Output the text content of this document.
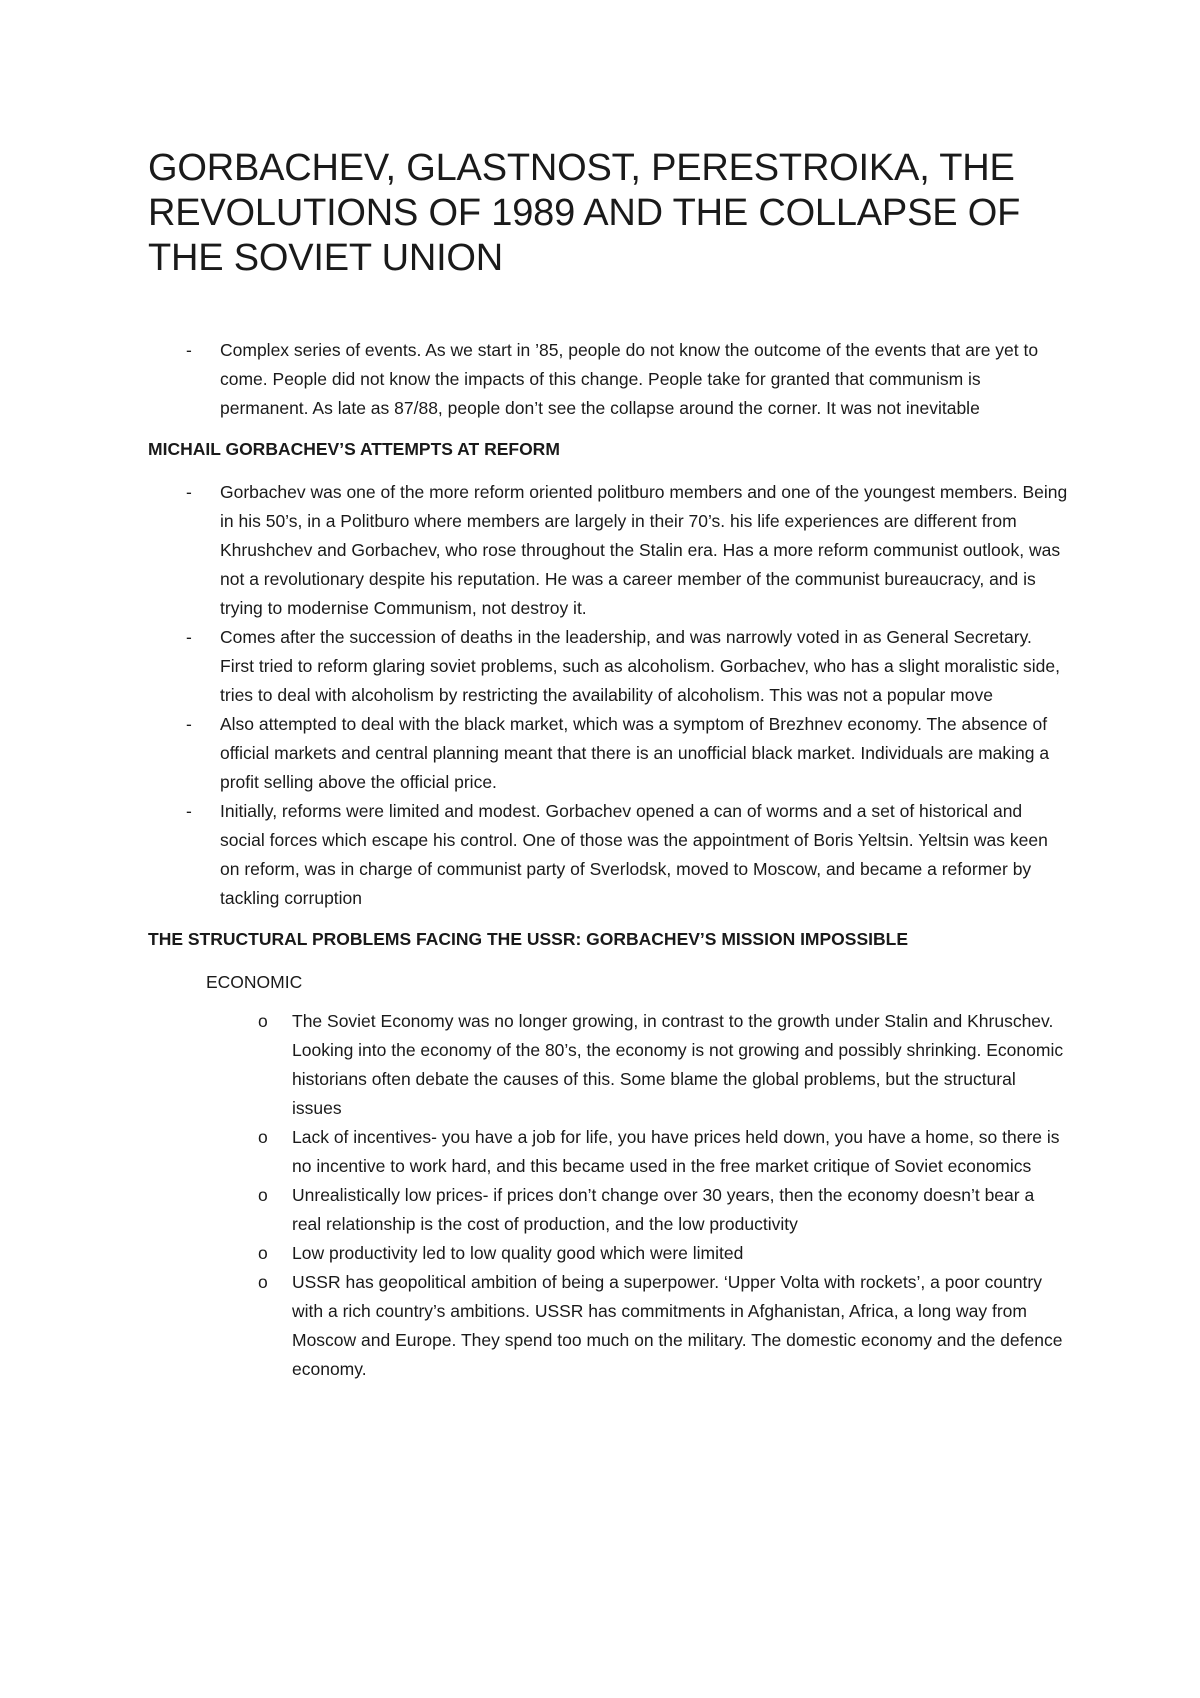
GORBACHEV, GLASTNOST, PERESTROIKA, THE REVOLUTIONS OF 1989 AND THE COLLAPSE OF THE SOVIET UNION
- Complex series of events. As we start in ’85, people do not know the outcome of the events that are yet to come. People did not know the impacts of this change. People take for granted that communism is permanent. As late as 87/88, people don’t see the collapse around the corner. It was not inevitable
MICHAIL GORBACHEV’S ATTEMPTS AT REFORM
- Gorbachev was one of the more reform oriented politburo members and one of the youngest members. Being in his 50’s, in a Politburo where members are largely in their 70’s. his life experiences are different from Khrushchev and Gorbachev, who rose throughout the Stalin era. Has a more reform communist outlook, was not a revolutionary despite his reputation. He was a career member of the communist bureaucracy, and is trying to modernise Communism, not destroy it.
- Comes after the succession of deaths in the leadership, and was narrowly voted in as General Secretary. First tried to reform glaring soviet problems, such as alcoholism. Gorbachev, who has a slight moralistic side, tries to deal with alcoholism by restricting the availability of alcoholism. This was not a popular move
- Also attempted to deal with the black market, which was a symptom of Brezhnev economy. The absence of official markets and central planning meant that there is an unofficial black market. Individuals are making a profit selling above the official price.
- Initially, reforms were limited and modest. Gorbachev opened a can of worms and a set of historical and social forces which escape his control. One of those was the appointment of Boris Yeltsin. Yeltsin was keen on reform, was in charge of communist party of Sverlodsk, moved to Moscow, and became a reformer by tackling corruption
THE STRUCTURAL PROBLEMS FACING THE USSR: GORBACHEV’S MISSION IMPOSSIBLE
ECONOMIC
o The Soviet Economy was no longer growing, in contrast to the growth under Stalin and Khruschev. Looking into the economy of the 80’s, the economy is not growing and possibly shrinking. Economic historians often debate the causes of this. Some blame the global problems, but the structural issues
o Lack of incentives- you have a job for life, you have prices held down, you have a home, so there is no incentive to work hard, and this became used in the free market critique of Soviet economics
o Unrealistically low prices- if prices don’t change over 30 years, then the economy doesn’t bear a real relationship is the cost of production, and the low productivity
o Low productivity led to low quality good which were limited
o USSR has geopolitical ambition of being a superpower. ‘Upper Volta with rockets’, a poor country with a rich country’s ambitions. USSR has commitments in Afghanistan, Africa, a long way from Moscow and Europe. They spend too much on the military. The domestic economy and the defence economy.
